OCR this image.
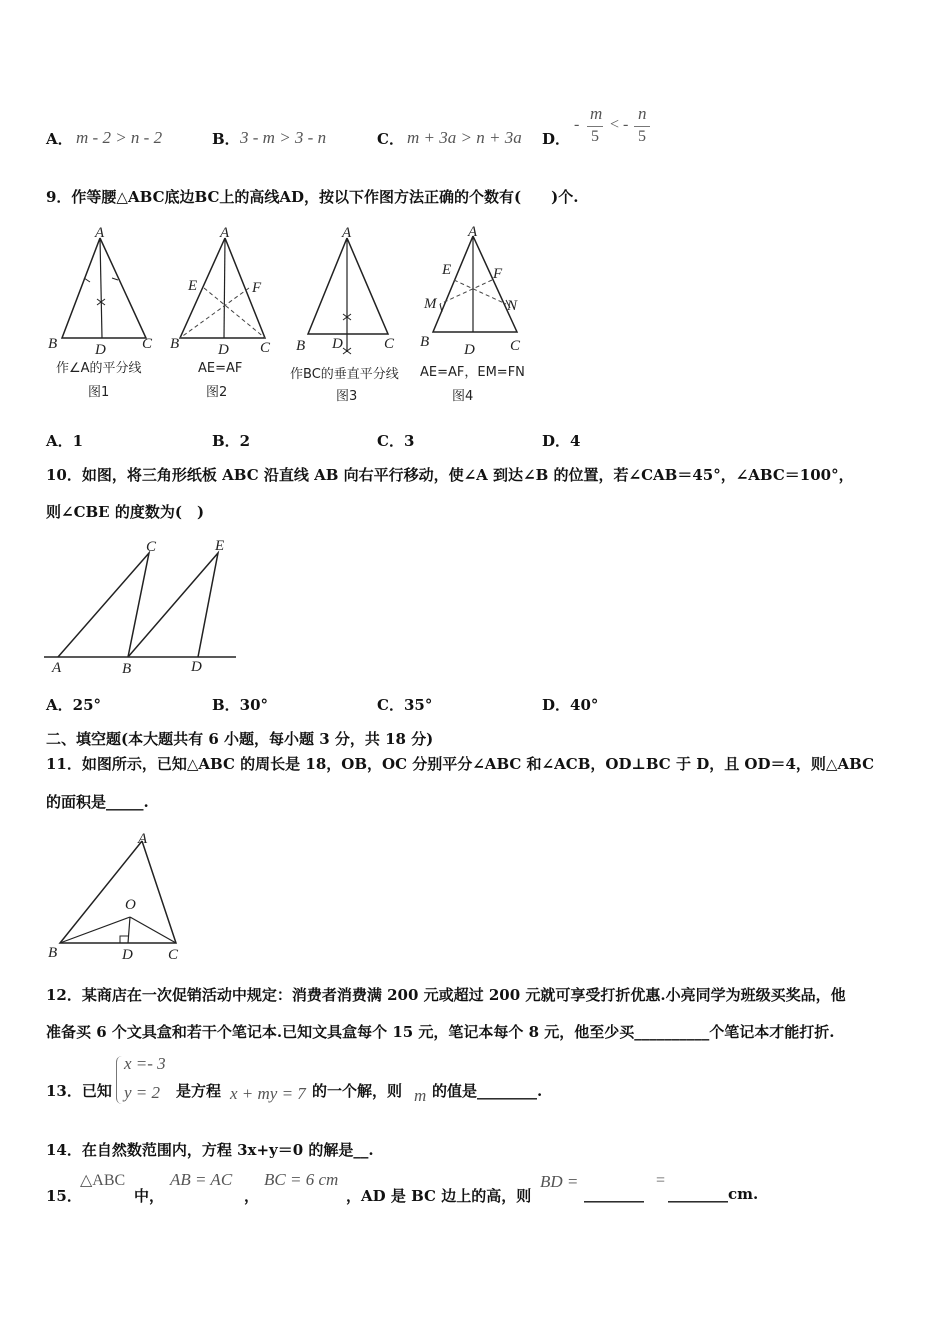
A． m - 2 > n - 2	B． 3 - m > 3 - n	C． m + 3a > n + 3a D．
-
m
5
< -
n
5
9．作等腰△ABC底边BC上的高线AD，按以下作图方法正确的个数有(　　)个.
A
B	C
D
作∠A的平分线
图1
A
E	F
B	C
D
AE=AF
图2
A
B D	C
作BC的垂直平分线
图3
A
E	F
M	N
B D C
AE=AF，EM=FN
图4
A．1	B．2	C．3	D．4
10．如图，将三角形纸板 ABC 沿直线 AB 向右平行移动，使∠A 到达∠B 的位置，若∠CAB＝45°，∠ABC＝100°，
则∠CBE 的度数为(　)
C	E
A	B	D
A．25°	B．30°	C．35°	D．40°
二、填空题(本大题共有 6 小题，每小题 3 分，共 18 分)
11．如图所示，已知△ABC 的周长是 18，OB，OC 分别平分∠ABC 和∠ACB，OD⊥BC 于 D，且 OD＝4，则△ABC
的面积是_____.
A
O
B	D C
12．某商店在一次促销活动中规定：消费者消费满 200 元或超过 200 元就可享受打折优惠.小亮同学为班级买奖品，他
准备买 6 个文具盒和若干个笔记本.已知文具盒每个 15 元，笔记本每个 8 元，他至少买__________个笔记本才能打折.
13．已知
x =- 3
y = 2 是方程 x + my = 7 的一个解，则 m 的值是________.
14．在自然数范围内，方程 3x+y＝0 的解是__.
15．
△ABC
中，
AB = AC
，
BC = 6 cm
，AD 是 BC 边上的高，则
BD =
________
=
________cm.
